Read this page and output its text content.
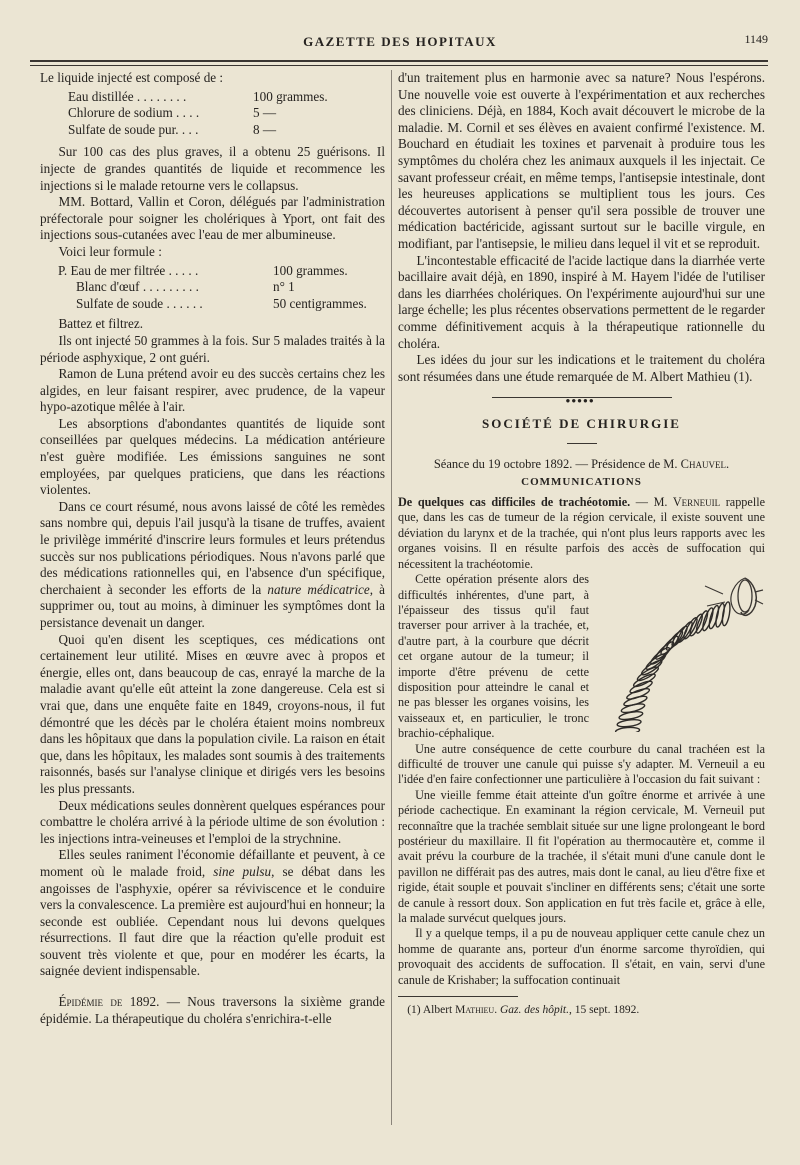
GAZETTE DES HOPITAUX	1149

Le liquide injecté est composé de :

Eau distillée . . . . . . . .	100 grammes.
Chlorure de sodium . . . .	5 —
Sulfate de soude pur. . . .	8 —

Sur 100 cas des plus graves, il a obtenu 25 guérisons. Il injecte de grandes quantités de liquide et recommence les injections si le malade retourne vers le collapsus.

MM. Bottard, Vallin et Coron, délégués par l'administration préfectorale pour soigner les cholériques à Yport, ont fait des injections sous-cutanées avec l'eau de mer albumineuse.

Voici leur formule :

P. Eau de mer filtrée . . . . .	100 grammes.
Blanc d'œuf . . . . . . . . .	n° 1
Sulfate de soude . . . . . .	50 centigrammes.

Battez et filtrez.

Ils ont injecté 50 grammes à la fois. Sur 5 malades traités à la période asphyxique, 2 ont guéri.

Ramon de Luna prétend avoir eu des succès certains chez les algides, en leur faisant respirer, avec prudence, de la vapeur hypo-azotique mêlée à l'air.

Les absorptions d'abondantes quantités de liquide sont conseillées par quelques médecins. La médication antérieure n'est guère modifiée. Les émissions sanguines ne sont employées, par quelques praticiens, que dans les réactions violentes.

Dans ce court résumé, nous avons laissé de côté les remèdes sans nombre qui, depuis l'ail jusqu'à la tisane de truffes, avaient le privilège immérité d'inscrire leurs formules et leurs prétendus succès sur nos publications périodiques. Nous n'avons parlé que des médications rationnelles qui, en l'absence d'un spécifique, cherchaient à seconder les efforts de la nature médicatrice, à supprimer ou, tout au moins, à diminuer les symptômes dont la persistance devenait un danger.

Quoi qu'en disent les sceptiques, ces médications ont certainement leur utilité. Mises en œuvre avec à propos et énergie, elles ont, dans beaucoup de cas, enrayé la marche de la maladie avant qu'elle eût atteint la zone dangereuse. Cela est si vrai que, dans une enquête faite en 1849, croyons-nous, il fut démontré que les décès par le choléra étaient moins nombreux dans les hôpitaux que dans la population civile. La raison en était que, dans les hôpitaux, les malades sont soumis à des traitements raisonnés, basés sur l'analyse clinique et dirigés vers les besoins les plus pressants.

Deux médications seules donnèrent quelques espérances pour combattre le choléra arrivé à la période ultime de son évolution : les injections intra-veineuses et l'emploi de la strychnine.

Elles seules raniment l'économie défaillante et peuvent, à ce moment où le malade froid, sine pulsu, se débat dans les angoisses de l'asphyxie, opérer sa réviviscence et le conduire vers la convalescence. La première est aujourd'hui en honneur; la seconde est oubliée. Cependant nous lui devons quelques résurrections. Il faut dire que la réaction qu'elle produit est souvent très violente et que, pour en modérer les écarts, la saignée devient indispensable.

Épidémie de 1892. — Nous traversons la sixième grande épidémie. La thérapeutique du choléra s'enrichira-t-elle

d'un traitement plus en harmonie avec sa nature? Nous l'espérons. Une nouvelle voie est ouverte à l'expérimentation et aux recherches des cliniciens. Déjà, en 1884, Koch avait découvert le microbe de la maladie. M. Cornil et ses élèves en avaient confirmé l'existence. M. Bouchard en étudiait les toxines et parvenait à produire tous les symptômes du choléra chez les animaux auxquels il les injectait. Ce savant professeur créait, en même temps, l'antisepsie intestinale, dont les heureuses applications se multiplient tous les jours. Ces découvertes autorisent à penser qu'il sera possible de trouver une médication bactéricide, agissant surtout sur le bacille virgule, en modifiant, par l'antisepsie, le milieu dans lequel il vit et se reproduit.

L'incontestable efficacité de l'acide lactique dans la diarrhée verte bacillaire avait déjà, en 1890, inspiré à M. Hayem l'idée de l'utiliser dans les diarrhées cholériques. On l'expérimente aujourd'hui sur une large échelle; les plus récentes observations permettent de le regarder comme définitivement acquis à la thérapeutique rationnelle du choléra.

Les idées du jour sur les indications et le traitement du choléra sont résumées dans une étude remarquée de M. Albert Mathieu (1).

●●●●●
SOCIÉTÉ DE CHIRURGIE
Séance du 19 octobre 1892. — Présidence de M. Chauvel.
COMMUNICATIONS

De quelques cas difficiles de trachéotomie. — M. Verneuil rappelle que, dans les cas de tumeur de la région cervicale, il existe souvent une déviation du larynx et de la trachée, qui n'ont plus leurs rapports avec les organes voisins. Il en résulte parfois des accès de suffocation qui nécessitent la trachéotomie.

Cette opération présente alors des difficultés inhérentes, d'une part, à l'épaisseur des tissus qu'il faut traverser pour arriver à la trachée, et, d'autre part, à la courbure que décrit cet organe autour de la tumeur; il importe d'être prévenu de cette disposition pour atteindre le canal et ne pas blesser les organes voisins, les vaisseaux et, en particulier, le tronc brachio-céphalique.

Une autre conséquence de cette courbure du canal trachéen est la difficulté de trouver une canule qui puisse s'y adapter. M. Verneuil a eu l'idée d'en faire confectionner une particulière à l'occasion du fait suivant :

Une vieille femme était atteinte d'un goître énorme et arrivée à une période cachectique. En examinant la région cervicale, M. Verneuil put reconnaître que la trachée semblait située sur une ligne prolongeant le bord postérieur du maxillaire. Il fit l'opération au thermocautère et, comme il avait prévu la courbure de la trachée, il s'était muni d'une canule dont le pavillon ne différait pas des autres, mais dont le canal, au lieu d'être fixe et rigide, était souple et pouvait s'incliner en différents sens; c'était une sorte de canule à ressort doux. Son application en fut très facile et, grâce à elle, la malade survécut quelques jours.

Il y a quelque temps, il a pu de nouveau appliquer cette canule chez un homme de quarante ans, porteur d'un énorme sarcome thyroïdien, qui provoquait des accidents de suffocation. Il s'était, en vain, servi d'une canule de Krishaber; la suffocation continuait

(1) Albert Mathieu. Gaz. des hôpit., 15 sept. 1892.
